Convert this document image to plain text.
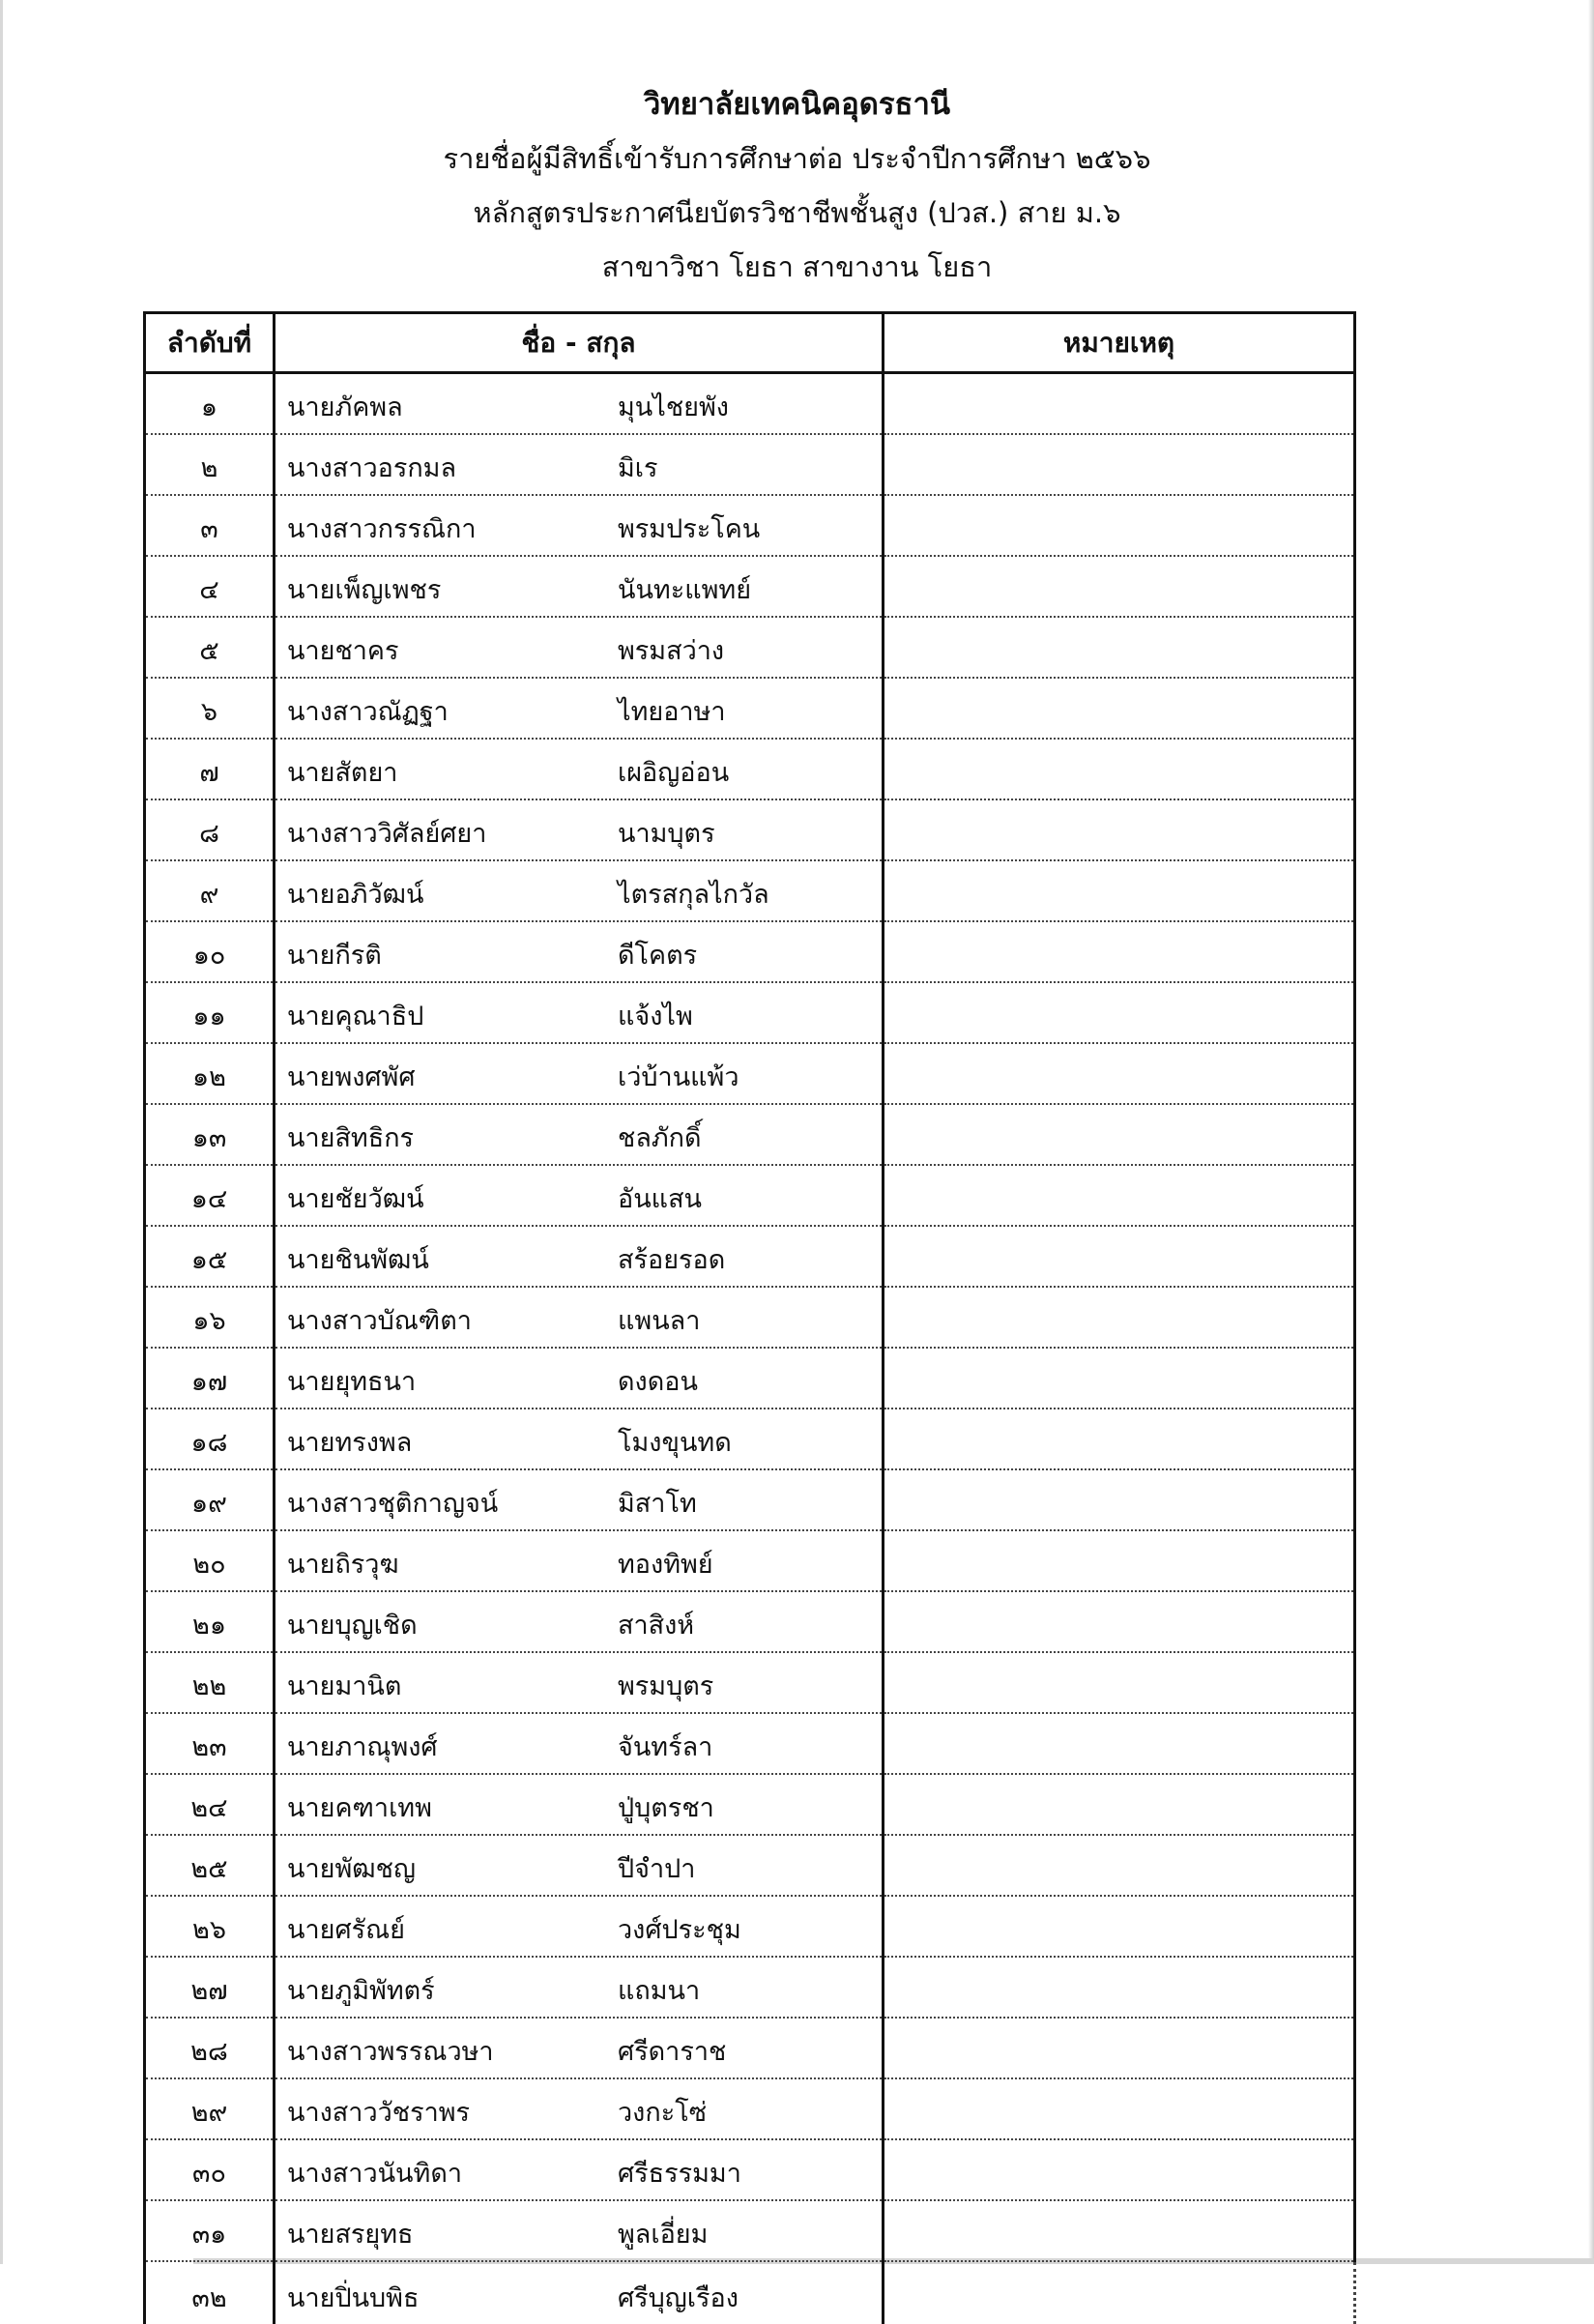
วิทยาลัยเทคนิคอุดรธานี
รายชื่อผู้มีสิทธิ์เข้ารับการศึกษาต่อ ประจำปีการศึกษา ๒๕๖๖
หลักสูตรประกาศนียบัตรวิชาชีพชั้นสูง (ปวส.) สาย ม.๖
สาขาวิชา โยธา สาขางาน โยธา
ลำดับที่	ชื่อ - สกุล	หมายเหตุ
๑	นายภัคพล มุนไชยพัง	
๒	นางสาวอรกมล มิเร	
๓	นางสาวกรรณิกา พรมประโคน	
๔	นายเพ็ญเพชร นันทะแพทย์	
๕	นายชาคร พรมสว่าง	
๖	นางสาวณัฏฐา ไทยอาษา	
๗	นายสัตยา เผอิญอ่อน	
๘	นางสาววิศัลย์ศยา นามบุตร	
๙	นายอภิวัฒน์ ไตรสกุลไกวัล	
๑๐	นายกีรติ ดีโคตร	
๑๑	นายคุณาธิป แจ้งไพ	
๑๒	นายพงศพัศ เว่บ้านแพ้ว	
๑๓	นายสิทธิกร ชลภักดิ์	
๑๔	นายชัยวัฒน์ อันแสน	
๑๕	นายชินพัฒน์ สร้อยรอด	
๑๖	นางสาวบัณฑิตา แพนลา	
๑๗	นายยุทธนา ดงดอน	
๑๘	นายทรงพล โมงขุนทด	
๑๙	นางสาวชุติกาญจน์ มิสาโท	
๒๐	นายถิรวุฆ ทองทิพย์	
๒๑	นายบุญเชิด สาสิงห์	
๒๒	นายมานิต พรมบุตร	
๒๓	นายภาณุพงศ์ จันทร์ลา	
๒๔	นายคฑาเทพ ปู่บุตรชา	
๒๕	นายพัฒชญ ปีจำปา	
๒๖	นายศรัณย์ วงศ์ประชุม	
๒๗	นายภูมิพัทตร์ แถมนา	
๒๘	นางสาวพรรณวษา ศรีดาราช	
๒๙	นางสาววัชราพร วงกะโซ่	
๓๐	นางสาวนันทิดา ศรีธรรมมา	
๓๑	นายสรยุทธ พูลเอี่ยม	
๓๒	นายปิ่นบพิธ ศรีบุญเรือง	
